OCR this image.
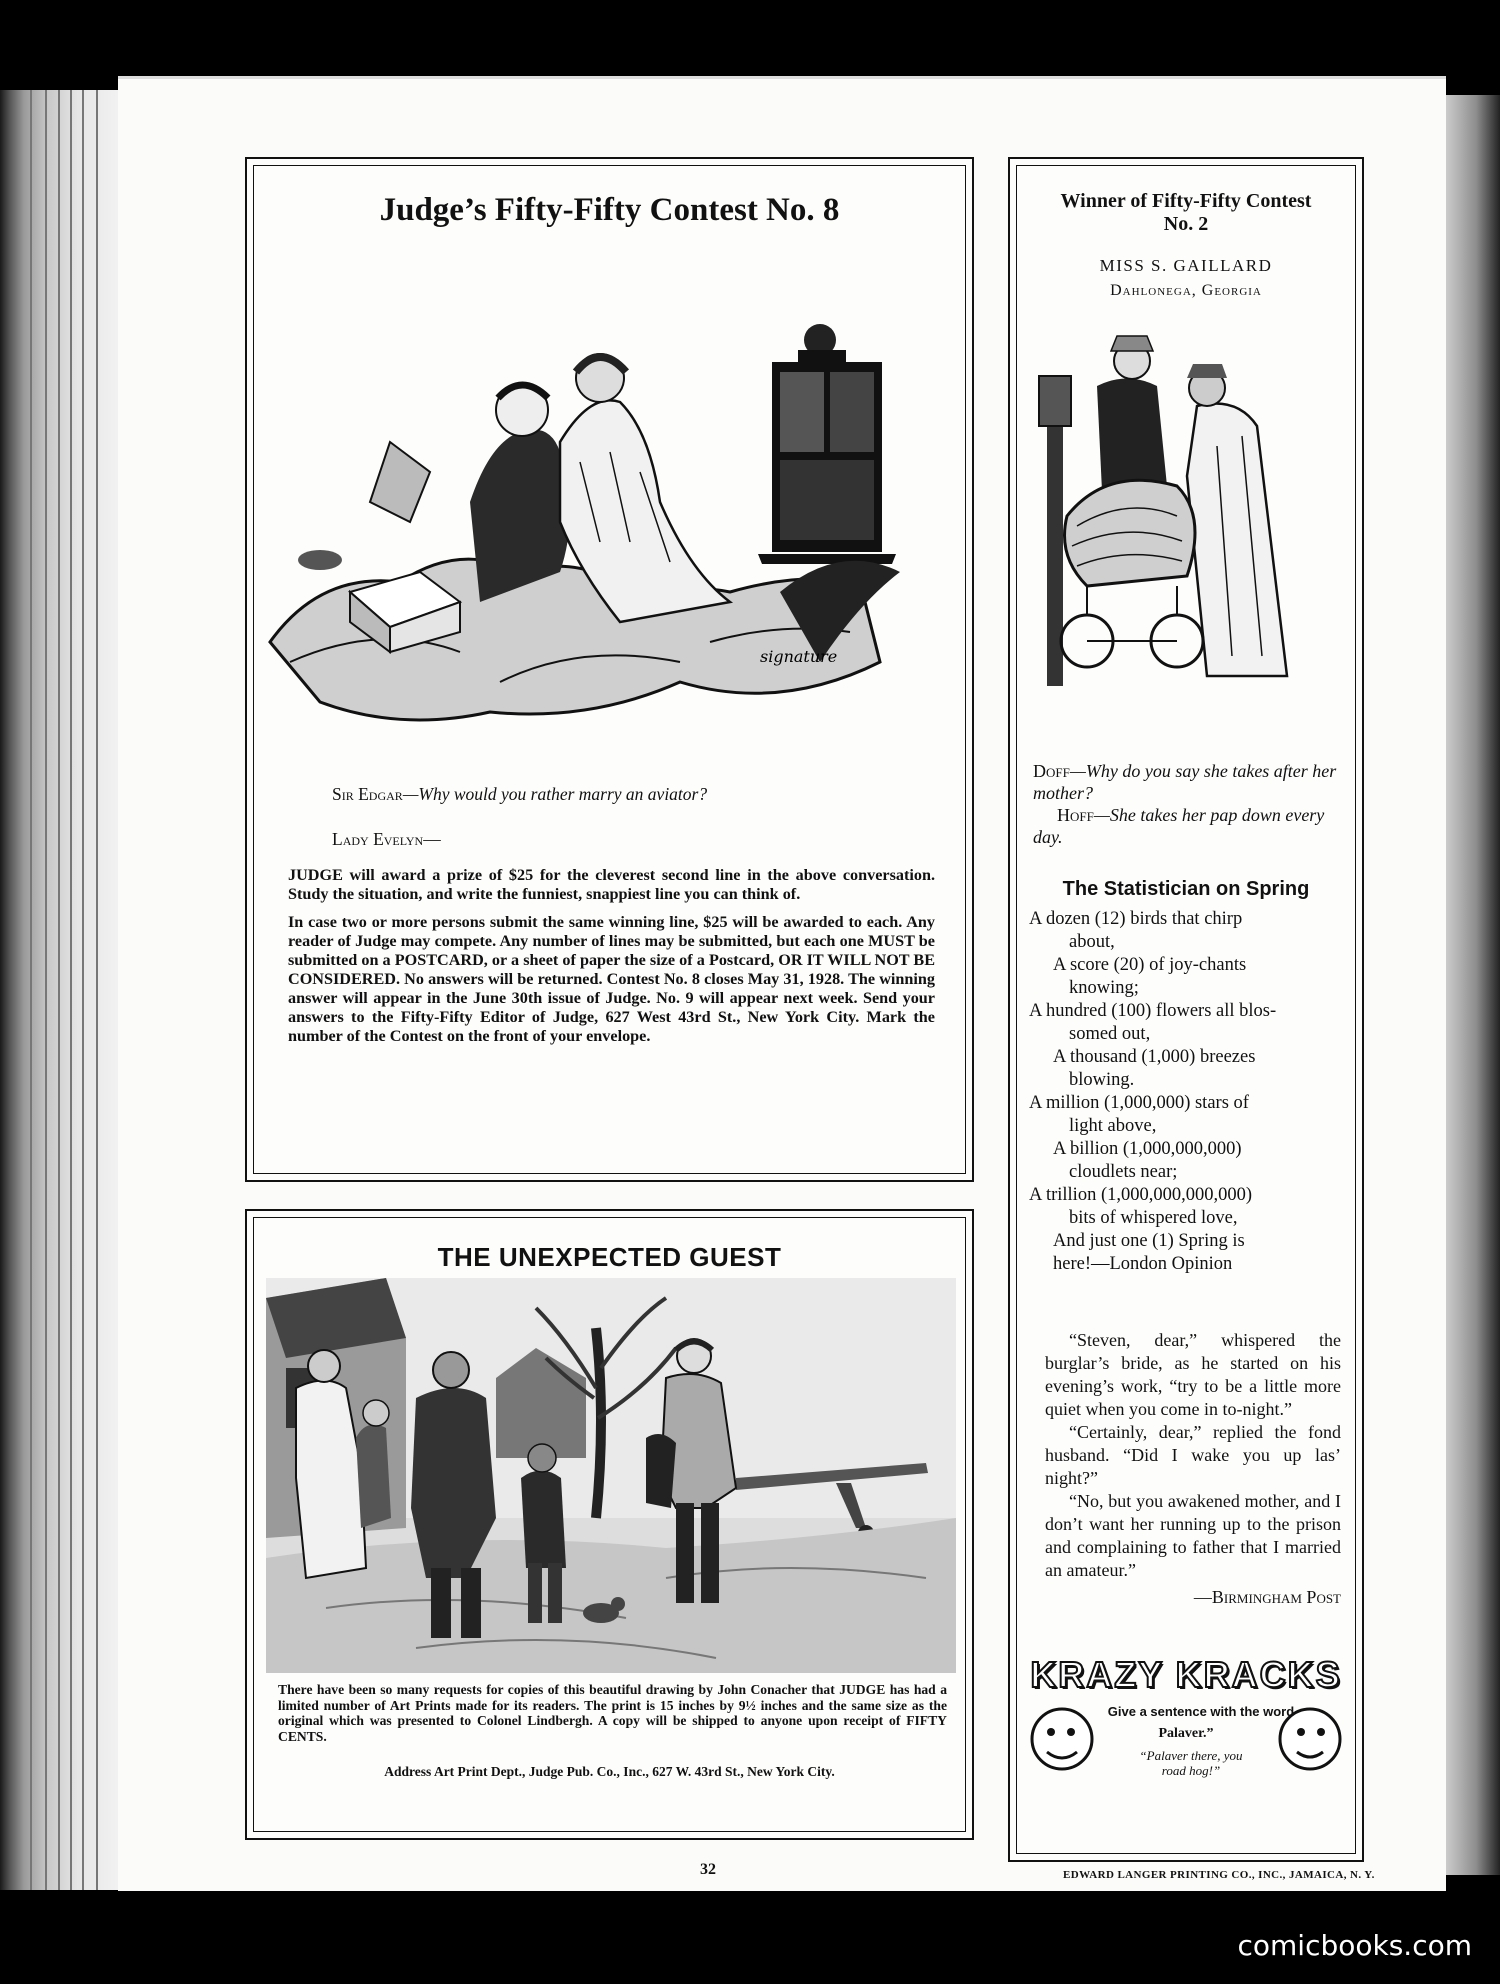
Judge’s Fifty-Fifty Contest No. 8
signature

Sir Edgar—Why would you rather marry an aviator?

Lady Evelyn—

JUDGE will award a prize of $25 for the cleverest second line in the above conversation. Study the situation, and write the funniest, snappiest line you can think of.

In case two or more persons submit the same winning line, $25 will be awarded to each. Any reader of Judge may compete. Any number of lines may be submitted, but each one MUST be submitted on a POSTCARD, or a sheet of paper the size of a Postcard, OR IT WILL NOT BE CONSIDERED. No answers will be returned. Contest No. 8 closes May 31, 1928. The winning answer will appear in the June 30th issue of Judge. No. 9 will appear next week. Send your answers to the Fifty-Fifty Editor of Judge, 627 West 43rd St., New York City. Mark the number of the Contest on the front of your envelope.

THE UNEXPECTED GUEST

There have been so many requests for copies of this beautiful drawing by John Conacher that JUDGE has had a limited number of Art Prints made for its readers. The print is 15 inches by 9½ inches and the same size as the original which was presented to Colonel Lindbergh. A copy will be shipped to anyone upon receipt of FIFTY CENTS.

Address Art Print Dept., Judge Pub. Co., Inc., 627 W. 43rd St., New York City.

Winner of Fifty-Fifty Contest
No. 2
MISS S. GAILLARD
Dahlonega, Georgia

Doff—Why do you say she takes after her mother?

Hoff—She takes her pap down every day.

The Statistician on Spring
A dozen (12) birds that chirp
about,
A score (20) of joy-chants
knowing;
A hundred (100) flowers all blos-
somed out,
A thousand (1,000) breezes
blowing.
A million (1,000,000) stars of
light above,
A billion (1,000,000,000)
cloudlets near;
A trillion (1,000,000,000,000)
bits of whispered love,
And just one (1) Spring is
here!—London Opinion

“Steven, dear,” whispered the burglar’s bride, as he started on his evening’s work, “try to be a little more quiet when you come in to-night.”

“Certainly, dear,” replied the fond husband. “Did I wake you up las’ night?”

“No, but you awakened mother, and I don’t want her running up to the prison and complaining to father that I married an amateur.”

—Birmingham Post

KRAZY KRACKS
Give a sentence with the word
Palaver.”
“Palaver there, you road hog!”
32	EDWARD LANGER PRINTING CO., INC., JAMAICA, N. Y.
comicbooks.com
